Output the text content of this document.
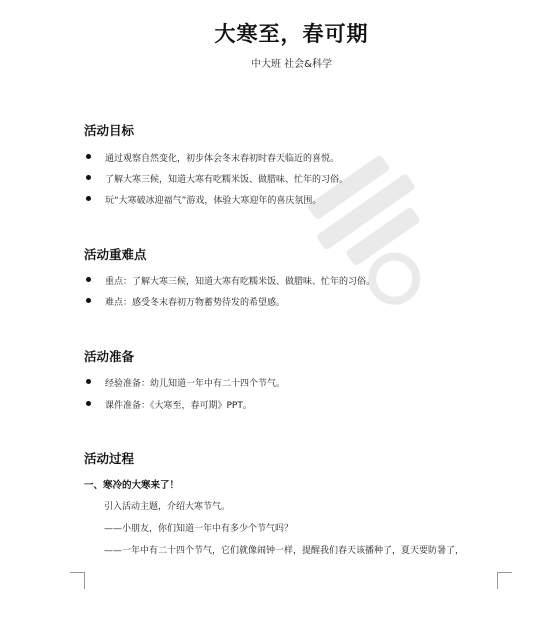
大寒至，春可期
中大班 社会&科学
活动目标
通过观察自然变化，初步体会冬末春初时春天临近的喜悦。
了解大寒三候，知道大寒有吃糯米饭、做腊味、忙年的习俗。
玩“大寒破冰迎福气”游戏，体验大寒迎年的喜庆氛围。
活动重难点
重点：了解大寒三候，知道大寒有吃糯米饭、做腊味、忙年的习俗。
难点：感受冬末春初万物蓄势待发的希望感。
活动准备
经验准备：幼儿知道一年中有二十四个节气。
课件准备：《大寒至，春可期》PPT。
活动过程
一、寒冷的大寒来了！
引入活动主题，介绍大寒节气。
——小朋友，你们知道一年中有多少个节气吗？
——一年中有二十四个节气，它们就像闹钟一样，提醒我们春天该播种了，夏天要防暑了，
